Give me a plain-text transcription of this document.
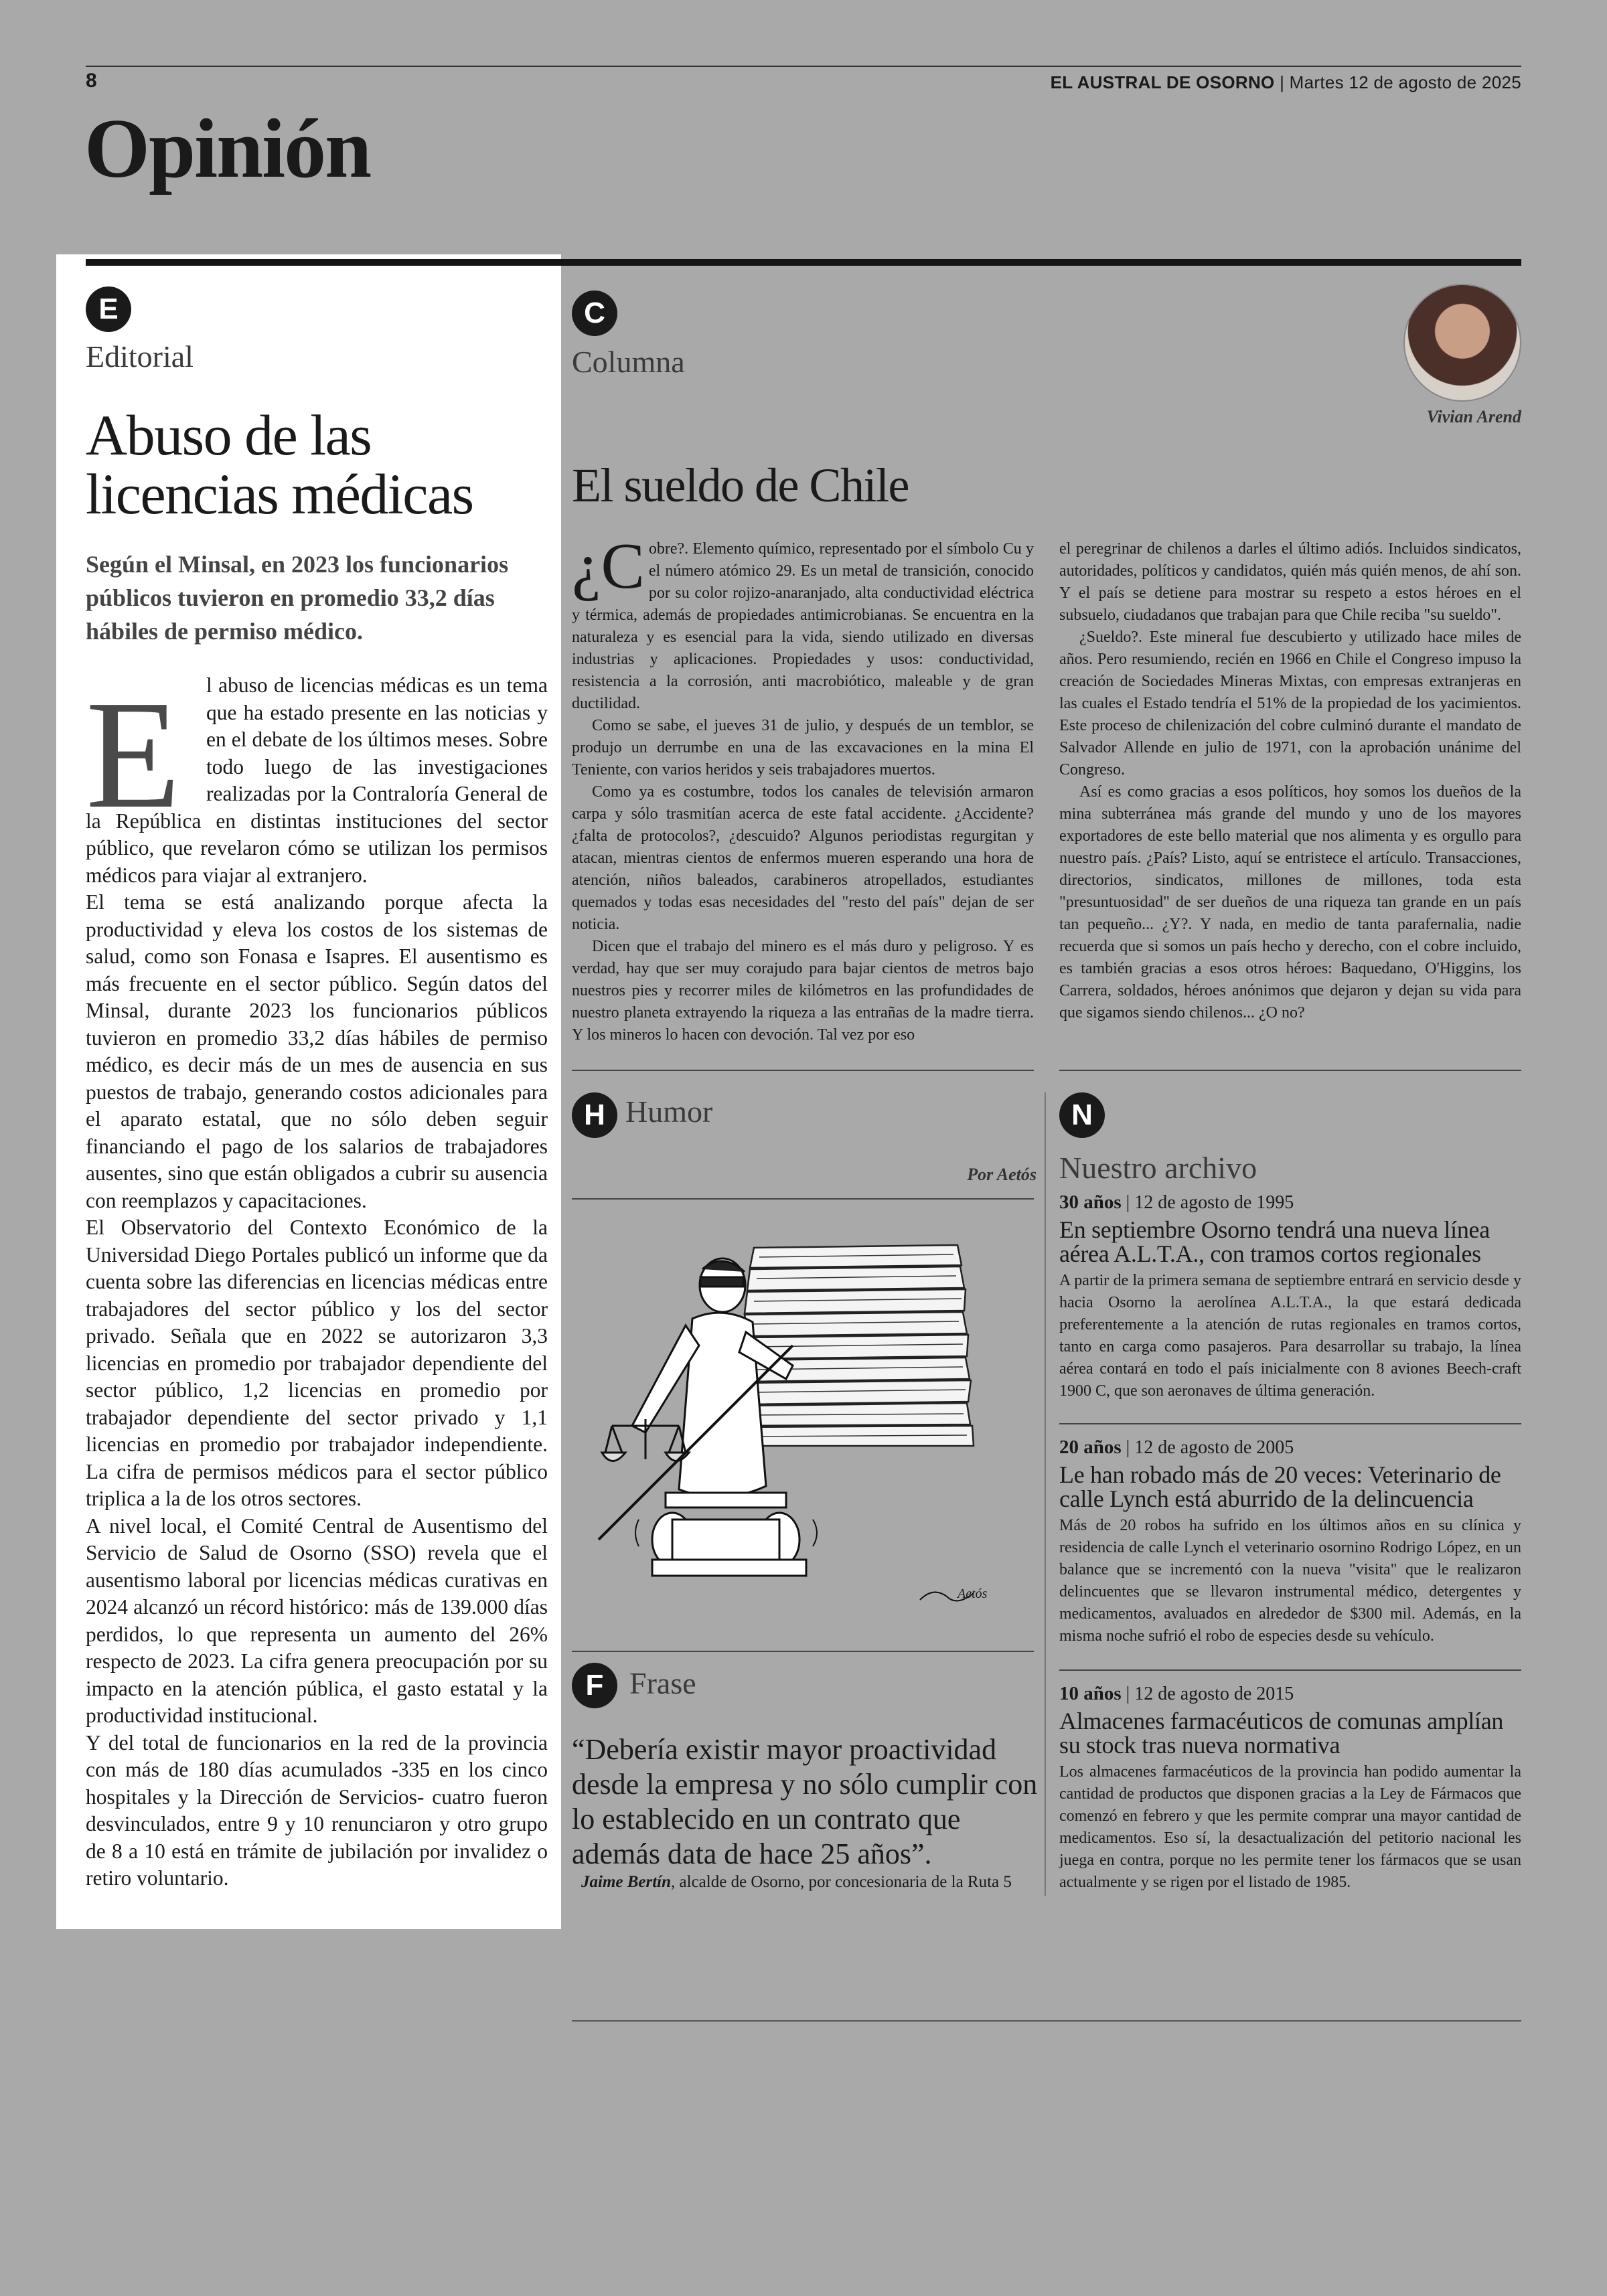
8	EL AUSTRAL DE OSORNO | Martes 12 de agosto de 2025
Opinión
E
Editorial
Abuso de las licencias médicas
Según el Minsal, en 2023 los funcionarios públicos tuvieron en promedio 33,2 días hábiles de permiso médico.
E	l abuso de licencias médicas es un tema que ha estado presente en las noticias y en el debate de los últimos meses. Sobre todo luego de las investigaciones realizadas por la Contraloría General de la República en distintas instituciones del sector público, que revelaron cómo se utilizan los permisos médicos para viajar al extranjero.

El tema se está analizando porque afecta la productividad y eleva los costos de los sistemas de salud, como son Fonasa e Isapres. El ausentismo es más frecuente en el sector público. Según datos del Minsal, durante 2023 los funcionarios públicos tuvieron en promedio 33,2 días hábiles de permiso médico, es decir más de un mes de ausencia en sus puestos de trabajo, generando costos adicionales para el aparato estatal, que no sólo deben seguir financiando el pago de los salarios de trabajadores ausentes, sino que están obligados a cubrir su ausencia con reemplazos y capacitaciones.

El Observatorio del Contexto Económico de la Universidad Diego Portales publicó un informe que da cuenta sobre las diferencias en licencias médicas entre trabajadores del sector público y los del sector privado. Señala que en 2022 se autorizaron 3,3 licencias en promedio por trabajador dependiente del sector público, 1,2 licencias en promedio por trabajador dependiente del sector privado y 1,1 licencias en promedio por trabajador independiente. La cifra de permisos médicos para el sector público triplica a la de los otros sectores.

A nivel local, el Comité Central de Ausentismo del Servicio de Salud de Osorno (SSO) revela que el ausentismo laboral por licencias médicas curativas en 2024 alcanzó un récord histórico: más de 139.000 días perdidos, lo que representa un aumento del 26% respecto de 2023. La cifra genera preocupación por su impacto en la atención pública, el gasto estatal y la productividad institucional.

Y del total de funcionarios en la red de la provincia con más de 180 días acumulados -335 en los cinco hospitales y la Dirección de Servicios- cuatro fueron desvinculados, entre 9 y 10 renunciaron y otro grupo de 8 a 10 está en trámite de jubilación por invalidez o retiro voluntario.

C
Columna
Vivian Arend
El sueldo de Chile

¿C obre?. Elemento químico, representado por el símbolo Cu y el número atómico 29. Es un metal de transición, conocido por su color rojizo-anaranjado, alta conductividad eléctrica y térmica, además de propiedades antimicrobianas. Se encuentra en la naturaleza y es esencial para la vida, siendo utilizado en diversas industrias y aplicaciones. Propiedades y usos: conductividad, resistencia a la corrosión, anti macrobiótico, maleable y de gran ductilidad.

Como se sabe, el jueves 31 de julio, y después de un temblor, se produjo un derrumbe en una de las excavaciones en la mina El Teniente, con varios heridos y seis trabajadores muertos.

Como ya es costumbre, todos los canales de televisión armaron carpa y sólo trasmitían acerca de este fatal accidente. ¿Accidente? ¿falta de protocolos?, ¿descuido? Algunos periodistas regurgitan y atacan, mientras cientos de enfermos mueren esperando una hora de atención, niños baleados, carabineros atropellados, estudiantes quemados y todas esas necesidades del "resto del país" dejan de ser noticia.

Dicen que el trabajo del minero es el más duro y peligroso. Y es verdad, hay que ser muy corajudo para bajar cientos de metros bajo nuestros pies y recorrer miles de kilómetros en las profundidades de nuestro planeta extrayendo la riqueza a las entrañas de la madre tierra. Y los mineros lo hacen con devoción. Tal vez por eso

el peregrinar de chilenos a darles el último adiós. Incluidos sindicatos, autoridades, políticos y candidatos, quién más quién menos, de ahí son. Y el país se detiene para mostrar su respeto a estos héroes en el subsuelo, ciudadanos que trabajan para que Chile reciba "su sueldo".

¿Sueldo?. Este mineral fue descubierto y utilizado hace miles de años. Pero resumiendo, recién en 1966 en Chile el Congreso impuso la creación de Sociedades Mineras Mixtas, con empresas extranjeras en las cuales el Estado tendría el 51% de la propiedad de los yacimientos. Este proceso de chilenización del cobre culminó durante el mandato de Salvador Allende en julio de 1971, con la aprobación unánime del Congreso.

Así es como gracias a esos políticos, hoy somos los dueños de la mina subterránea más grande del mundo y uno de los mayores exportadores de este bello material que nos alimenta y es orgullo para nuestro país. ¿País? Listo, aquí se entristece el artículo. Transacciones, directorios, sindicatos, millones de millones, toda esta "presuntuosidad" de ser dueños de una riqueza tan grande en un país tan pequeño... ¿Y?. Y nada, en medio de tanta parafernalia, nadie recuerda que si somos un país hecho y derecho, con el cobre incluido, es también gracias a esos otros héroes: Baquedano, O'Higgins, los Carrera, soldados, héroes anónimos que dejaron y dejan su vida para que sigamos siendo chilenos... ¿O no?

H Humor
Por Aetós
Aetós
F Frase
“Debería existir mayor proactividad desde la empresa y no sólo cumplir con lo establecido en un contrato que además data de hace 25 años”.
Jaime Bertín, alcalde de Osorno, por concesionaria de la Ruta 5
N
Nuestro archivo
30 años | 12 de agosto de 1995
En septiembre Osorno tendrá una nueva línea aérea A.L.T.A., con tramos cortos regionales
A partir de la primera semana de septiembre entrará en servicio desde y hacia Osorno la aerolínea A.L.T.A., la que estará dedicada preferentemente a la atención de rutas regionales en tramos cortos, tanto en carga como pasajeros. Para desarrollar su trabajo, la línea aérea contará en todo el país inicialmente con 8 aviones Beech-craft 1900 C, que son aeronaves de última generación.
20 años | 12 de agosto de 2005
Le han robado más de 20 veces: Veterinario de calle Lynch está aburrido de la delincuencia
Más de 20 robos ha sufrido en los últimos años en su clínica y residencia de calle Lynch el veterinario osornino Rodrigo López, en un balance que se incrementó con la nueva "visita" que le realizaron delincuentes que se llevaron instrumental médico, detergentes y medicamentos, avaluados en alrededor de $300 mil. Además, en la misma noche sufrió el robo de especies desde su vehículo.
10 años | 12 de agosto de 2015
Almacenes farmacéuticos de comunas amplían su stock tras nueva normativa
Los almacenes farmacéuticos de la provincia han podido aumentar la cantidad de productos que disponen gracias a la Ley de Fármacos que comenzó en febrero y que les permite comprar una mayor cantidad de medicamentos. Eso sí, la desactualización del petitorio nacional les juega en contra, porque no les permite tener los fármacos que se usan actualmente y se rigen por el listado de 1985.
